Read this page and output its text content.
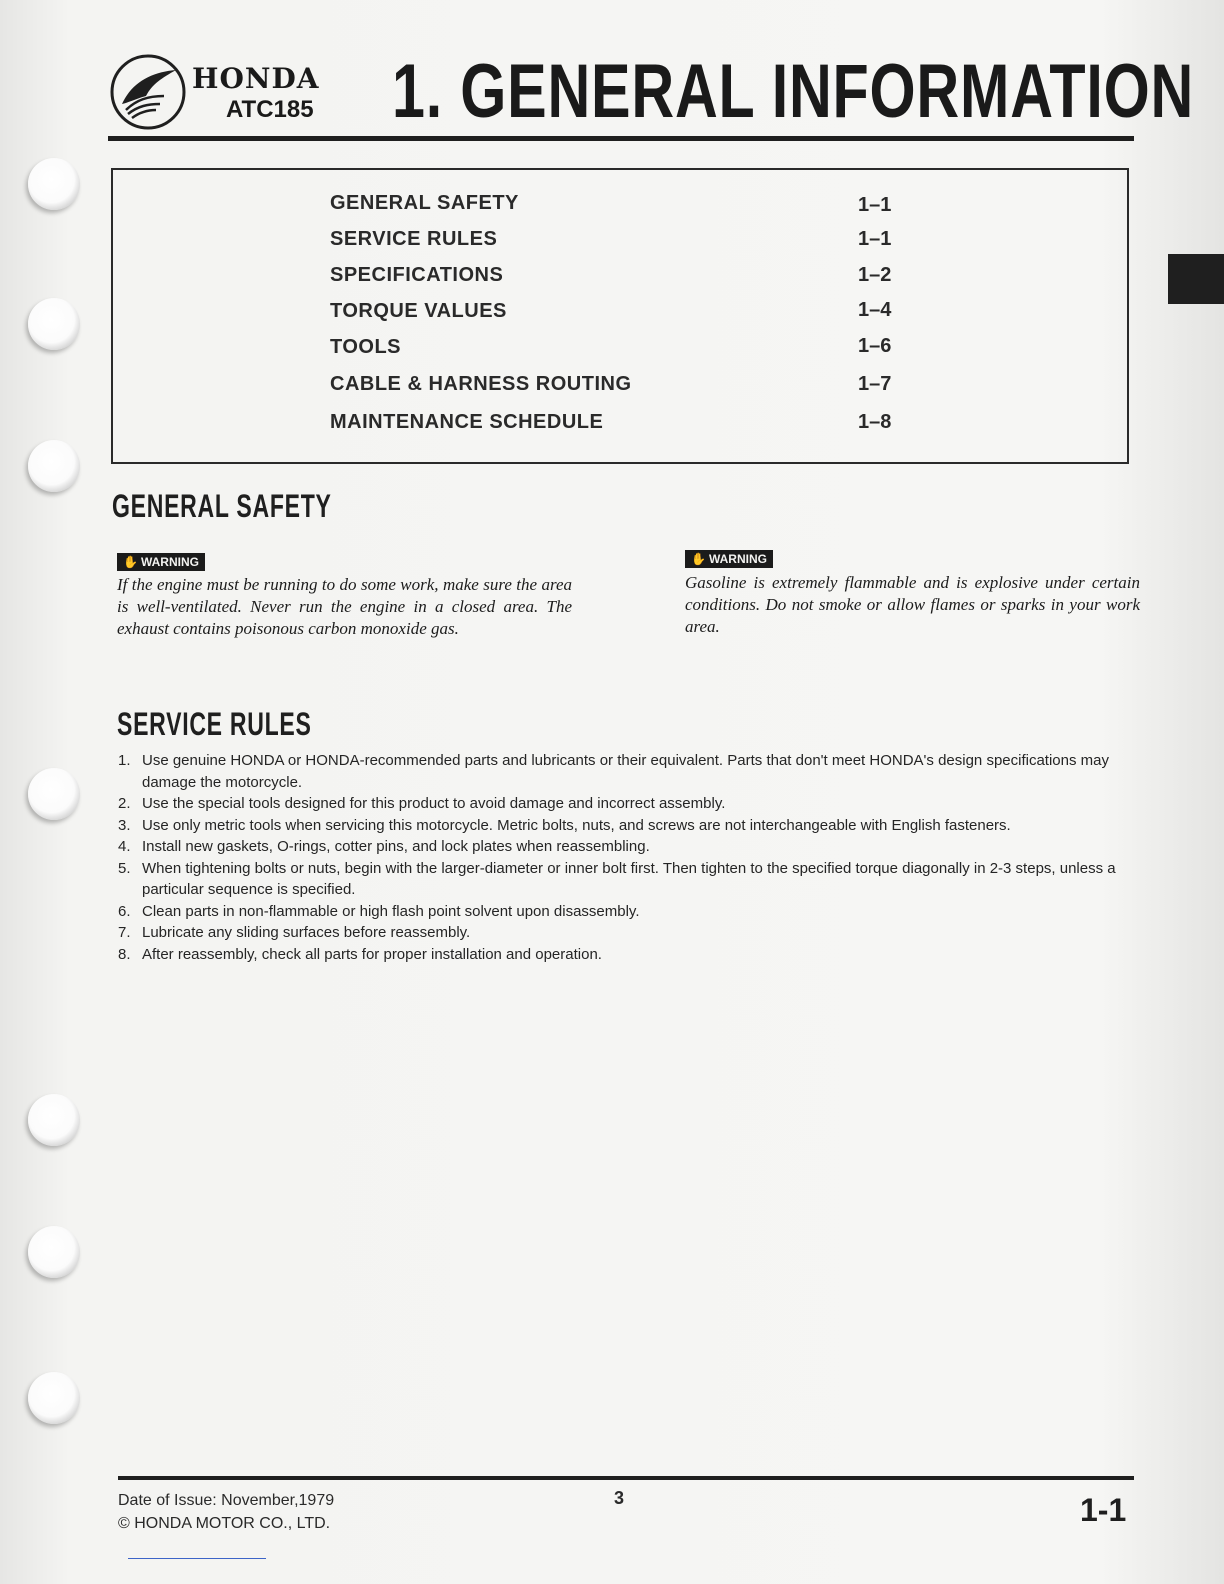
HONDA
ATC185 1. GENERAL INFORMATION
GENERAL SAFETY	1–1
SERVICE RULES	1–1
SPECIFICATIONS	1–2
TORQUE VALUES	1–4
TOOLS	1–6
CABLE & HARNESS ROUTING	1–7
MAINTENANCE SCHEDULE	1–8
GENERAL SAFETY
✋ WARNING
If the engine must be running to do some work, make sure the area is well-ventilated. Never run the engine in a closed area. The exhaust contains poisonous carbon monoxide gas.
✋ WARNING
Gasoline is extremely flammable and is explosive under certain conditions. Do not smoke or allow flames or sparks in your work area.
SERVICE RULES
1. Use genuine HONDA or HONDA-recommended parts and lubricants or their equivalent. Parts that don't meet HONDA's design specifications may damage the motorcycle.
2. Use the special tools designed for this product to avoid damage and incorrect assembly.
3. Use only metric tools when servicing this motorcycle. Metric bolts, nuts, and screws are not interchangeable with English fasteners.
4. Install new gaskets, O-rings, cotter pins, and lock plates when reassembling.
5. When tightening bolts or nuts, begin with the larger-diameter or inner bolt first. Then tighten to the specified torque diagonally in 2-3 steps, unless a particular sequence is specified.
6. Clean parts in non-flammable or high flash point solvent upon disassembly.
7. Lubricate any sliding surfaces before reassembly.
8. After reassembly, check all parts for proper installation and operation.
Date of Issue: November,1979
© HONDA MOTOR CO., LTD.
3	1-1
